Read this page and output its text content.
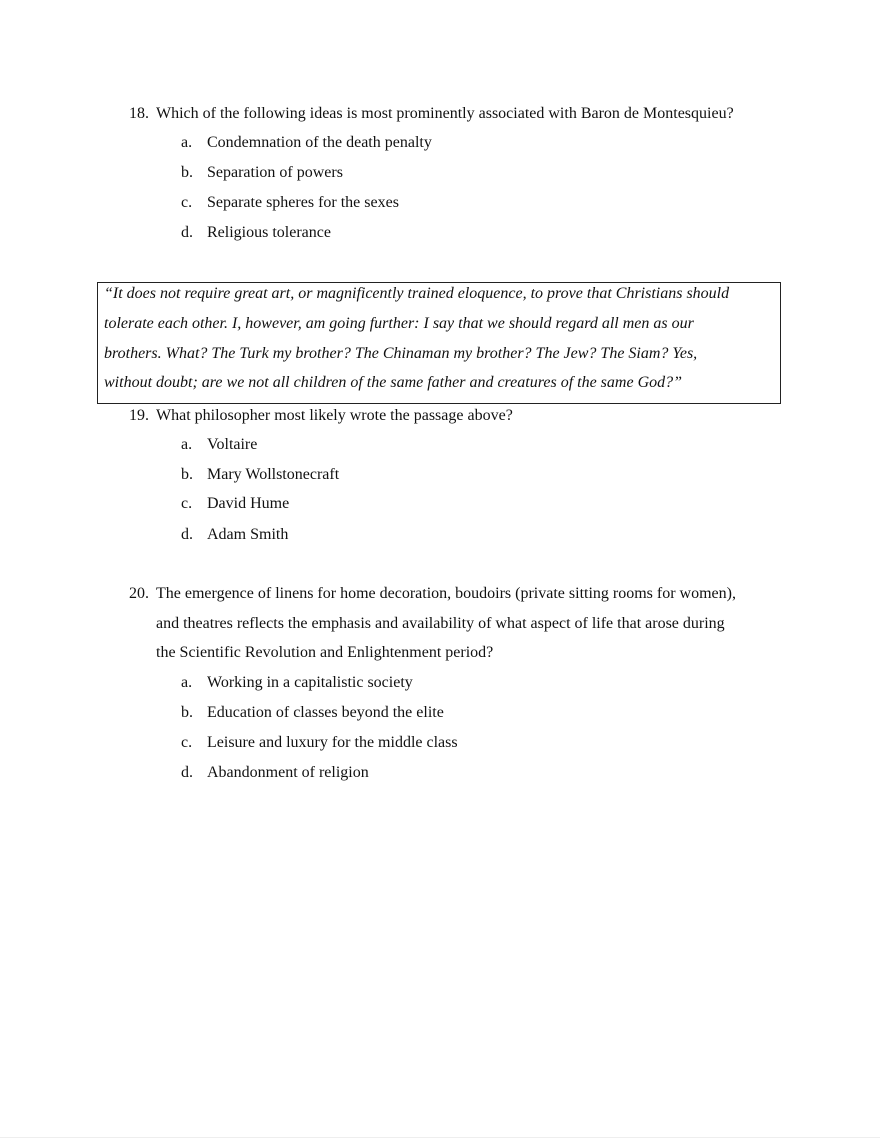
18. Which of the following ideas is most prominently associated with Baron de Montesquieu?
a. Condemnation of the death penalty
b. Separation of powers
c. Separate spheres for the sexes
d. Religious tolerance
“It does not require great art, or magnificently trained eloquence, to prove that Christians should
tolerate each other. I, however, am going further: I say that we should regard all men as our
brothers. What? The Turk my brother? The Chinaman my brother? The Jew? The Siam? Yes,
without doubt; are we not all children of the same father and creatures of the same God?”
19. What philosopher most likely wrote the passage above?
a. Voltaire
b. Mary Wollstonecraft
c. David Hume
d. Adam Smith
20. The emergence of linens for home decoration, boudoirs (private sitting rooms for women),
and theatres reflects the emphasis and availability of what aspect of life that arose during
the Scientific Revolution and Enlightenment period?
a. Working in a capitalistic society
b. Education of classes beyond the elite
c. Leisure and luxury for the middle class
d. Abandonment of religion
